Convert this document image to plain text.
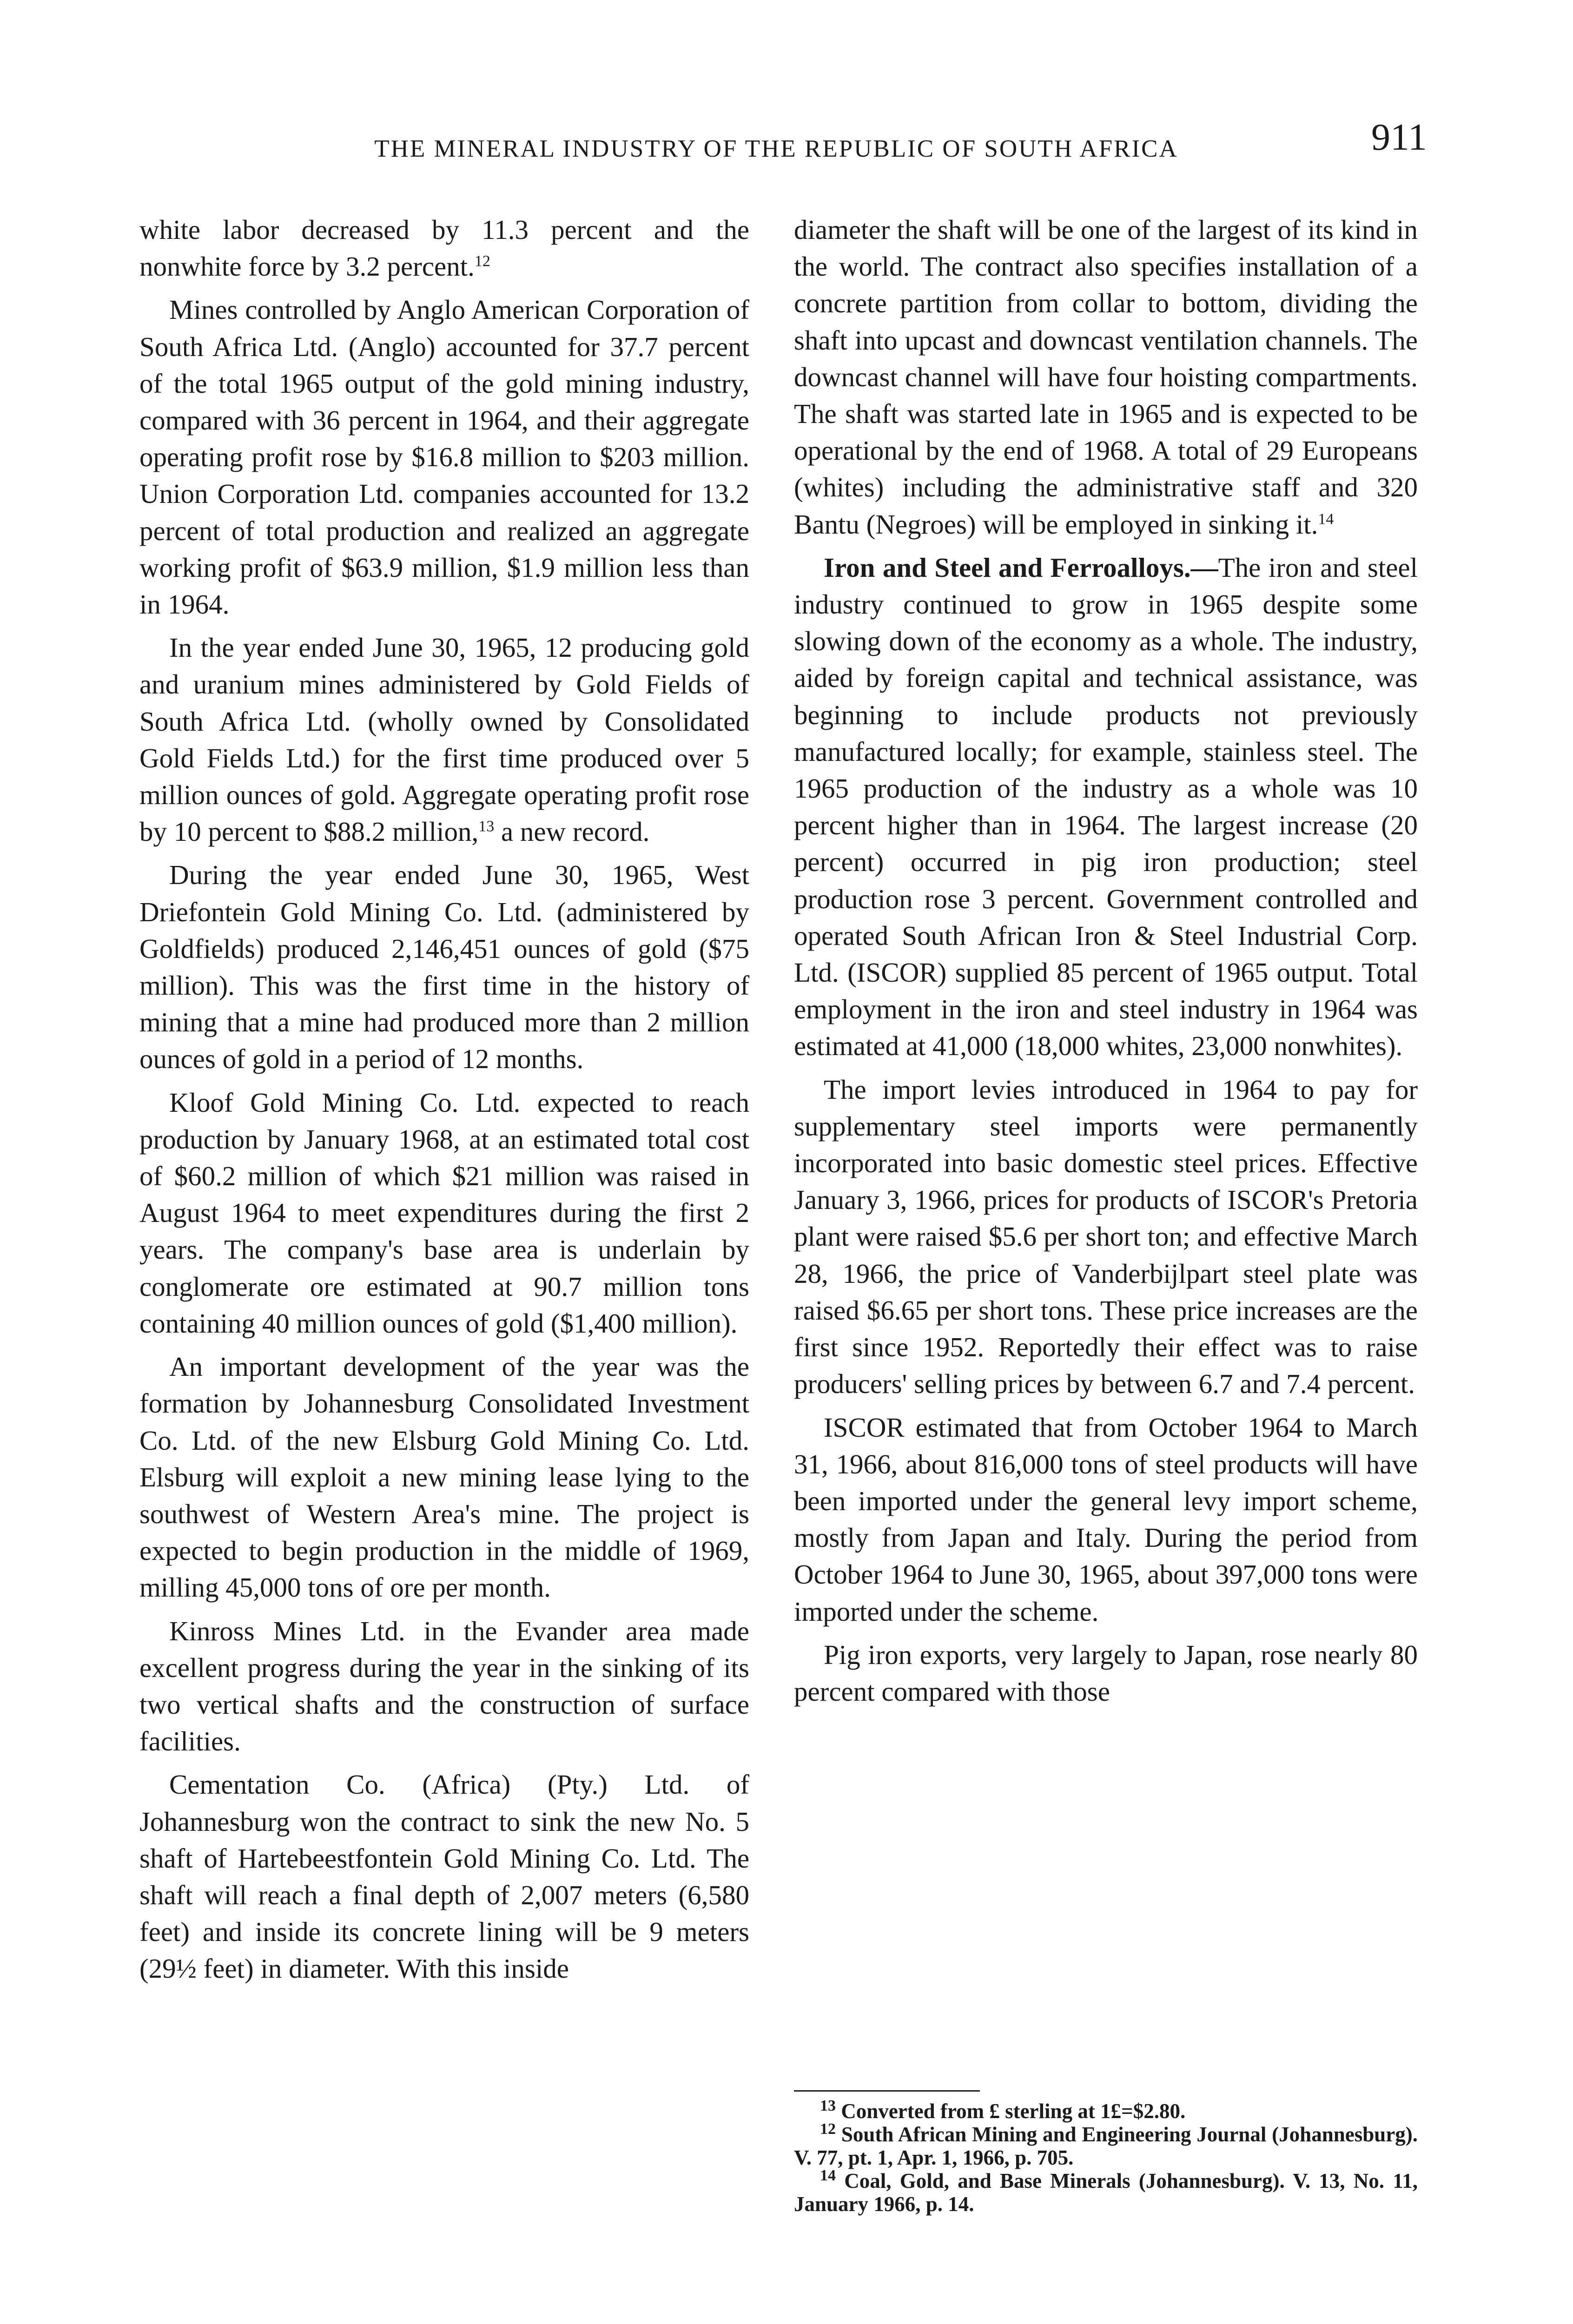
THE MINERAL INDUSTRY OF THE REPUBLIC OF SOUTH AFRICA	911

white labor decreased by 11.3 percent and the nonwhite force by 3.2 percent.$^{12}$

Mines controlled by Anglo American Corporation of South Africa Ltd. (Anglo) accounted for 37.7 percent of the total 1965 output of the gold mining industry, compared with 36 percent in 1964, and their aggregate operating profit rose by $16.8 million to $203 million. Union Corporation Ltd. companies accounted for 13.2 percent of total production and realized an aggregate working profit of $63.9 million, $1.9 million less than in 1964.

In the year ended June 30, 1965, 12 producing gold and uranium mines administered by Gold Fields of South Africa Ltd. (wholly owned by Consolidated Gold Fields Ltd.) for the first time produced over 5 million ounces of gold. Aggregate operating profit rose by 10 percent to $88.2 million,$^{13}$ a new record.

During the year ended June 30, 1965, West Driefontein Gold Mining Co. Ltd. (administered by Goldfields) produced 2,146,451 ounces of gold ($75 million). This was the first time in the history of mining that a mine had produced more than 2 million ounces of gold in a period of 12 months.

Kloof Gold Mining Co. Ltd. expected to reach production by January 1968, at an estimated total cost of $60.2 million of which $21 million was raised in August 1964 to meet expenditures during the first 2 years. The company's base area is underlain by conglomerate ore estimated at 90.7 million tons containing 40 million ounces of gold ($1,400 million).

An important development of the year was the formation by Johannesburg Consolidated Investment Co. Ltd. of the new Elsburg Gold Mining Co. Ltd. Elsburg will exploit a new mining lease lying to the southwest of Western Area's mine. The project is expected to begin production in the middle of 1969, milling 45,000 tons of ore per month.

Kinross Mines Ltd. in the Evander area made excellent progress during the year in the sinking of its two vertical shafts and the construction of surface facilities.

Cementation Co. (Africa) (Pty.) Ltd. of Johannesburg won the contract to sink the new No. 5 shaft of Hartebeestfontein Gold Mining Co. Ltd. The shaft will reach a final depth of 2,007 meters (6,580 feet) and inside its concrete lining will be 9 meters (29½ feet) in diameter. With this inside

diameter the shaft will be one of the largest of its kind in the world. The contract also specifies installation of a concrete partition from collar to bottom, dividing the shaft into upcast and downcast ventilation channels. The downcast channel will have four hoisting compartments. The shaft was started late in 1965 and is expected to be operational by the end of 1968. A total of 29 Europeans (whites) including the administrative staff and 320 Bantu (Negroes) will be employed in sinking it.$^{14}$

Iron and Steel and Ferroalloys.—The iron and steel industry continued to grow in 1965 despite some slowing down of the economy as a whole. The industry, aided by foreign capital and technical assistance, was beginning to include products not previously manufactured locally; for example, stainless steel. The 1965 production of the industry as a whole was 10 percent higher than in 1964. The largest increase (20 percent) occurred in pig iron production; steel production rose 3 percent. Government controlled and operated South African Iron & Steel Industrial Corp. Ltd. (ISCOR) supplied 85 percent of 1965 output. Total employment in the iron and steel industry in 1964 was estimated at 41,000 (18,000 whites, 23,000 nonwhites).

The import levies introduced in 1964 to pay for supplementary steel imports were permanently incorporated into basic domestic steel prices. Effective January 3, 1966, prices for products of ISCOR's Pretoria plant were raised $5.6 per short ton; and effective March 28, 1966, the price of Vanderbijlpart steel plate was raised $6.65 per short tons. These price increases are the first since 1952. Reportedly their effect was to raise producers' selling prices by between 6.7 and 7.4 percent.

ISCOR estimated that from October 1964 to March 31, 1966, about 816,000 tons of steel products will have been imported under the general levy import scheme, mostly from Japan and Italy. During the period from October 1964 to June 30, 1965, about 397,000 tons were imported under the scheme.

Pig iron exports, very largely to Japan, rose nearly 80 percent compared with those

$^{13}$ Converted from £ sterling at 1£=$2.80.

$^{12}$ South African Mining and Engineering Journal (Johannesburg). V. 77, pt. 1, Apr. 1, 1966, p. 705.

$^{14}$ Coal, Gold, and Base Minerals (Johannesburg). V. 13, No. 11, January 1966, p. 14.
